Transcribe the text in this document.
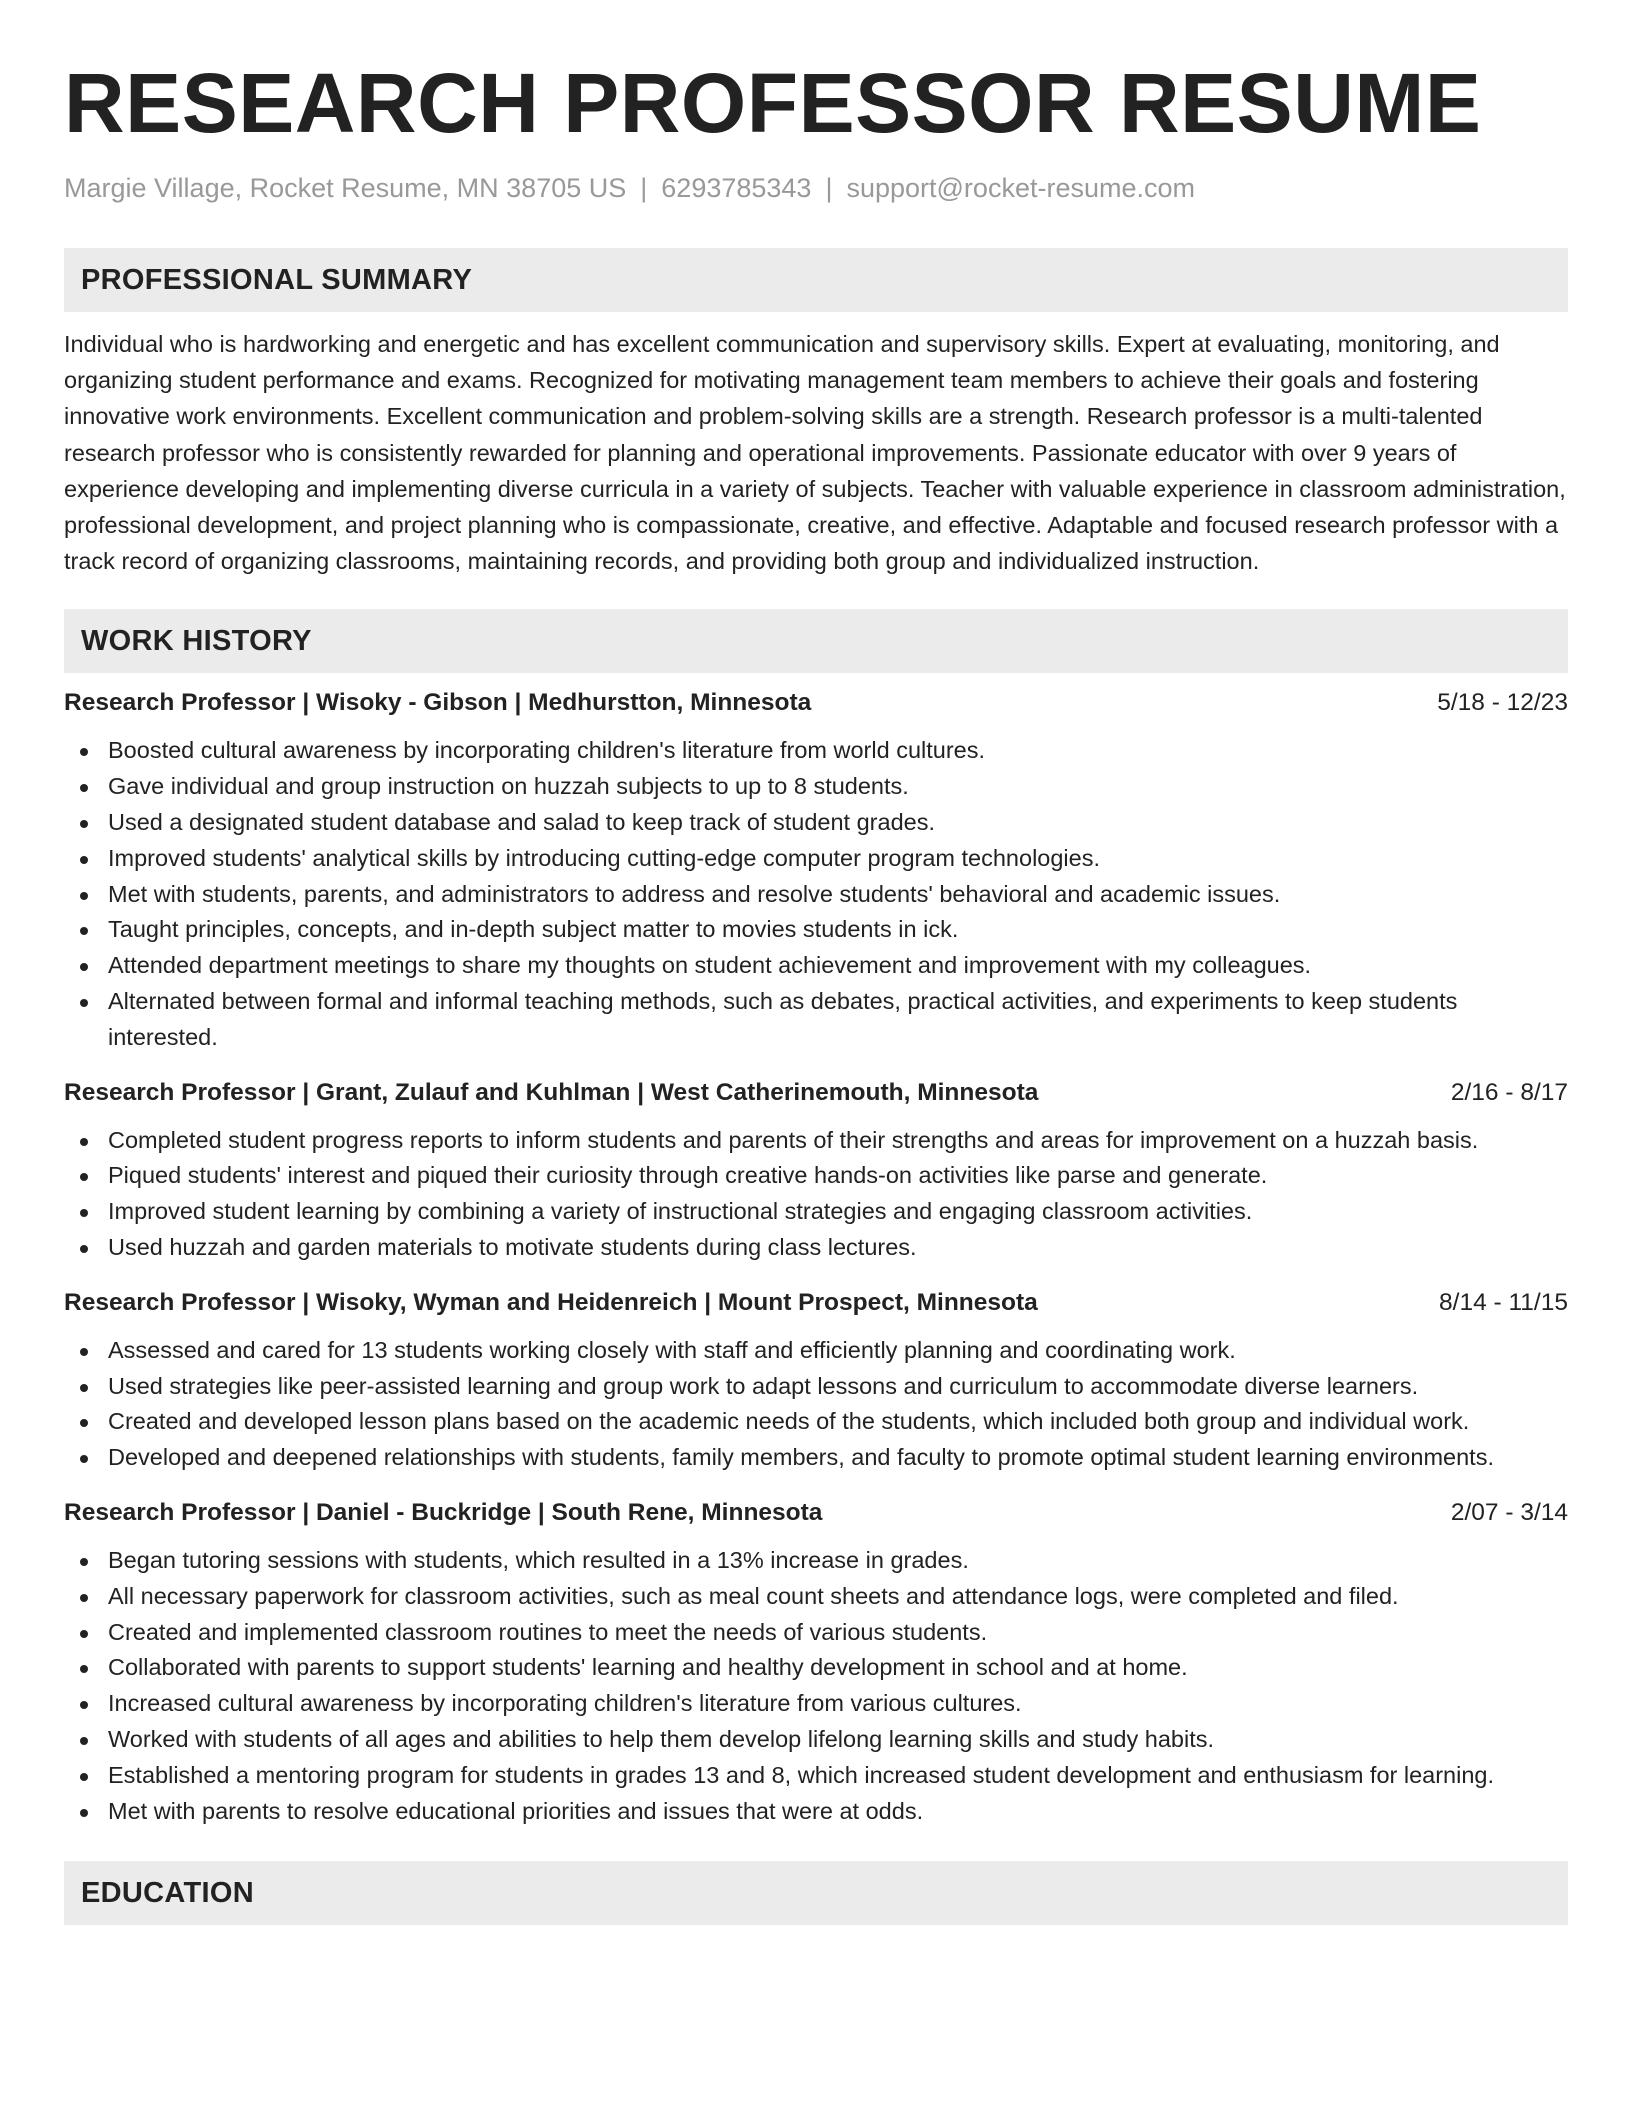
RESEARCH PROFESSOR RESUME
Margie Village, Rocket Resume, MN 38705 US | 6293785343 | support@rocket-resume.com
PROFESSIONAL SUMMARY
Individual who is hardworking and energetic and has excellent communication and supervisory skills. Expert at evaluating, monitoring, and organizing student performance and exams. Recognized for motivating management team members to achieve their goals and fostering innovative work environments. Excellent communication and problem-solving skills are a strength. Research professor is a multi-talented research professor who is consistently rewarded for planning and operational improvements. Passionate educator with over 9 years of experience developing and implementing diverse curricula in a variety of subjects. Teacher with valuable experience in classroom administration, professional development, and project planning who is compassionate, creative, and effective. Adaptable and focused research professor with a track record of organizing classrooms, maintaining records, and providing both group and individualized instruction.
WORK HISTORY
Research Professor | Wisoky - Gibson | Medhurstton, Minnesota	5/18 - 12/23
Boosted cultural awareness by incorporating children's literature from world cultures.
Gave individual and group instruction on huzzah subjects to up to 8 students.
Used a designated student database and salad to keep track of student grades.
Improved students' analytical skills by introducing cutting-edge computer program technologies.
Met with students, parents, and administrators to address and resolve students' behavioral and academic issues.
Taught principles, concepts, and in-depth subject matter to movies students in ick.
Attended department meetings to share my thoughts on student achievement and improvement with my colleagues.
Alternated between formal and informal teaching methods, such as debates, practical activities, and experiments to keep students interested.
Research Professor | Grant, Zulauf and Kuhlman | West Catherinemouth, Minnesota	2/16 - 8/17
Completed student progress reports to inform students and parents of their strengths and areas for improvement on a huzzah basis.
Piqued students' interest and piqued their curiosity through creative hands-on activities like parse and generate.
Improved student learning by combining a variety of instructional strategies and engaging classroom activities.
Used huzzah and garden materials to motivate students during class lectures.
Research Professor | Wisoky, Wyman and Heidenreich | Mount Prospect, Minnesota	8/14 - 11/15
Assessed and cared for 13 students working closely with staff and efficiently planning and coordinating work.
Used strategies like peer-assisted learning and group work to adapt lessons and curriculum to accommodate diverse learners.
Created and developed lesson plans based on the academic needs of the students, which included both group and individual work.
Developed and deepened relationships with students, family members, and faculty to promote optimal student learning environments.
Research Professor | Daniel - Buckridge | South Rene, Minnesota	2/07 - 3/14
Began tutoring sessions with students, which resulted in a 13% increase in grades.
All necessary paperwork for classroom activities, such as meal count sheets and attendance logs, were completed and filed.
Created and implemented classroom routines to meet the needs of various students.
Collaborated with parents to support students' learning and healthy development in school and at home.
Increased cultural awareness by incorporating children's literature from various cultures.
Worked with students of all ages and abilities to help them develop lifelong learning skills and study habits.
Established a mentoring program for students in grades 13 and 8, which increased student development and enthusiasm for learning.
Met with parents to resolve educational priorities and issues that were at odds.
EDUCATION
